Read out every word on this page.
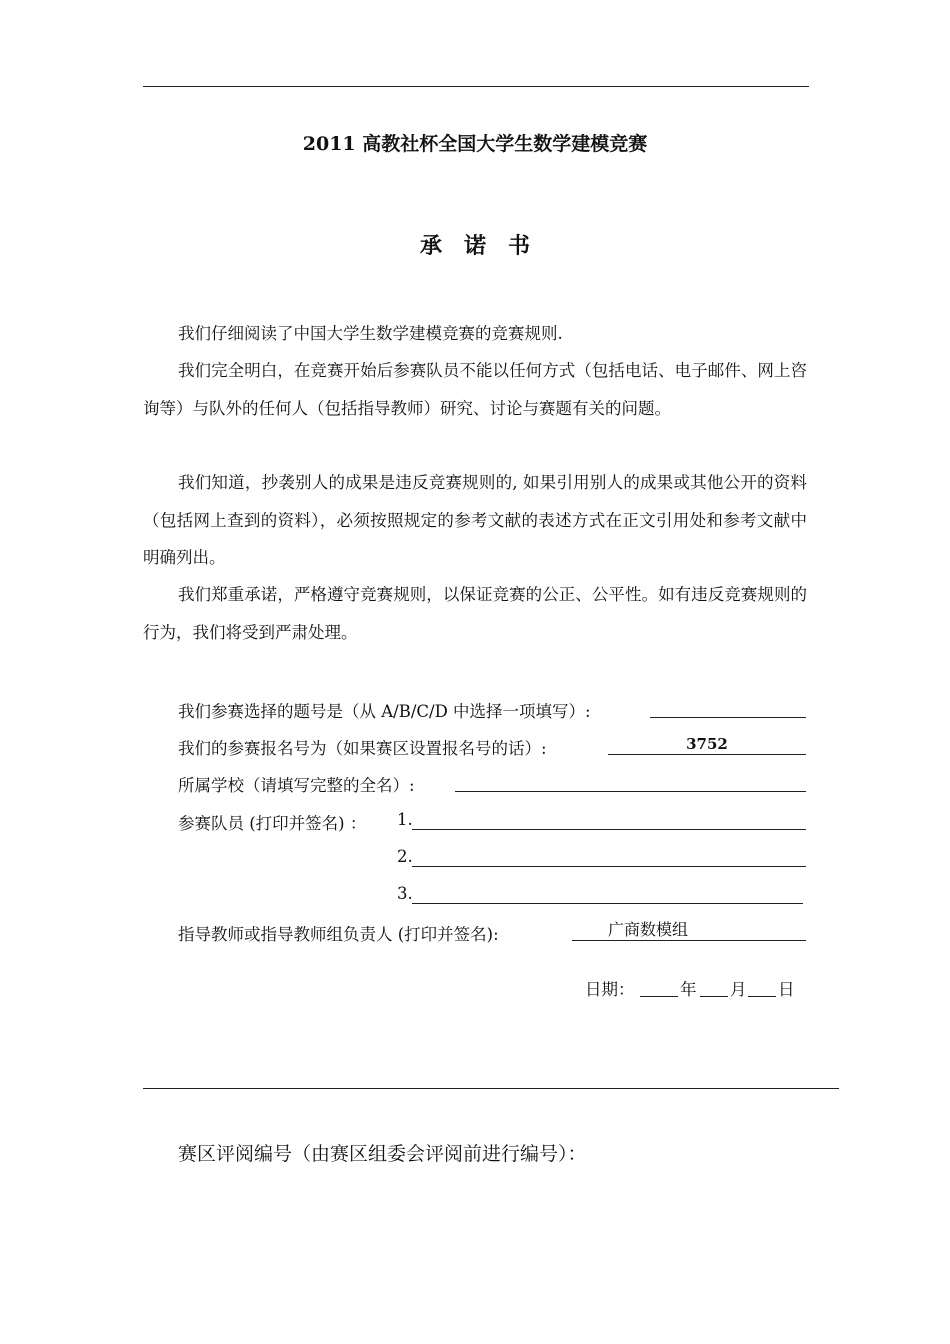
2011 高教社杯全国大学生数学建模竞赛
承诺书
我们仔细阅读了中国大学生数学建模竞赛的竞赛规则.
我们完全明白，在竞赛开始后参赛队员不能以任何方式（包括电话、电子邮件、网上咨询等）与队外的任何人（包括指导教师）研究、讨论与赛题有关的问题。
我们知道，抄袭别人的成果是违反竞赛规则的, 如果引用别人的成果或其他公开的资料（包括网上查到的资料），必须按照规定的参考文献的表述方式在正文引用处和参考文献中明确列出。
我们郑重承诺，严格遵守竞赛规则，以保证竞赛的公正、公平性。如有违反竞赛规则的行为，我们将受到严肃处理。
我们参赛选择的题号是（从 A/B/C/D 中选择一项填写）:
我们的参赛报名号为（如果赛区设置报名号的话）:	3752
所属学校（请填写完整的全名）:
参赛队员 (打印并签名) ： 1.
2.
3.
指导教师或指导教师组负责人 (打印并签名):	广商数模组
日期：	年 月 日
赛区评阅编号（由赛区组委会评阅前进行编号）：
